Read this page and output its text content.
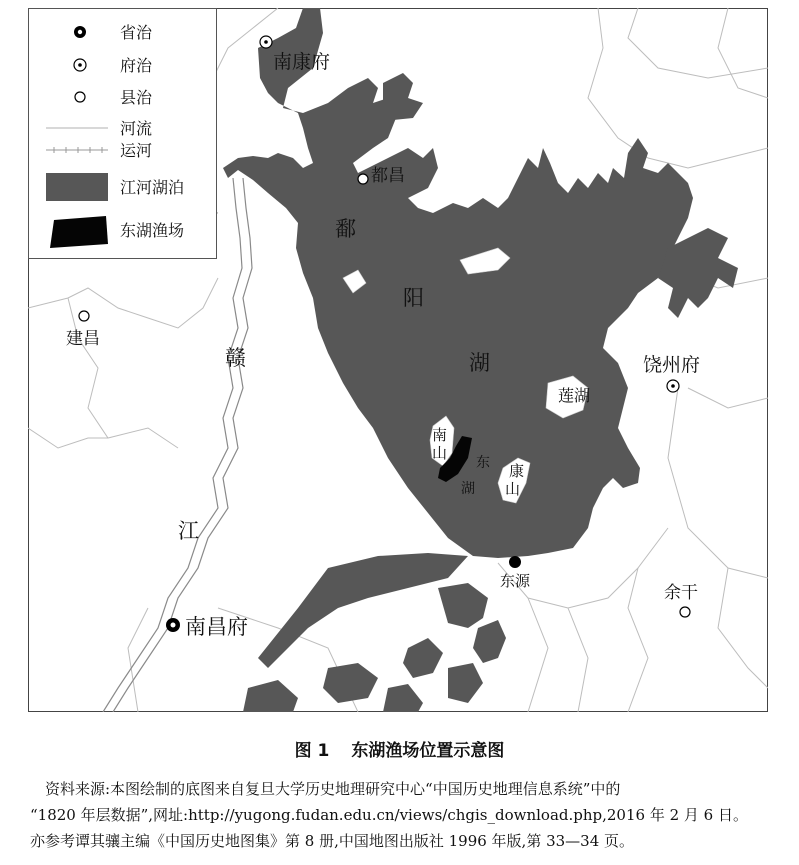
省治
府治
县治
河流
运河
江河湖泊
东湖渔场
南康府
都昌
建昌
饶州府
南昌府
余干
东源
鄱
阳
湖
赣
江
莲湖
南
山
康
山
东
湖
图 1 东湖渔场位置示意图

资料来源:本图绘制的底图来自复旦大学历史地理研究中心“中国历史地理信息系统”中的

“1820 年层数据”,网址:http://yugong.fudan.edu.cn/views/chgis_download.php,2016 年 2 月 6 日。

亦参考谭其骧主编《中国历史地图集》第 8 册,中国地图出版社 1996 年版,第 33—34 页。
